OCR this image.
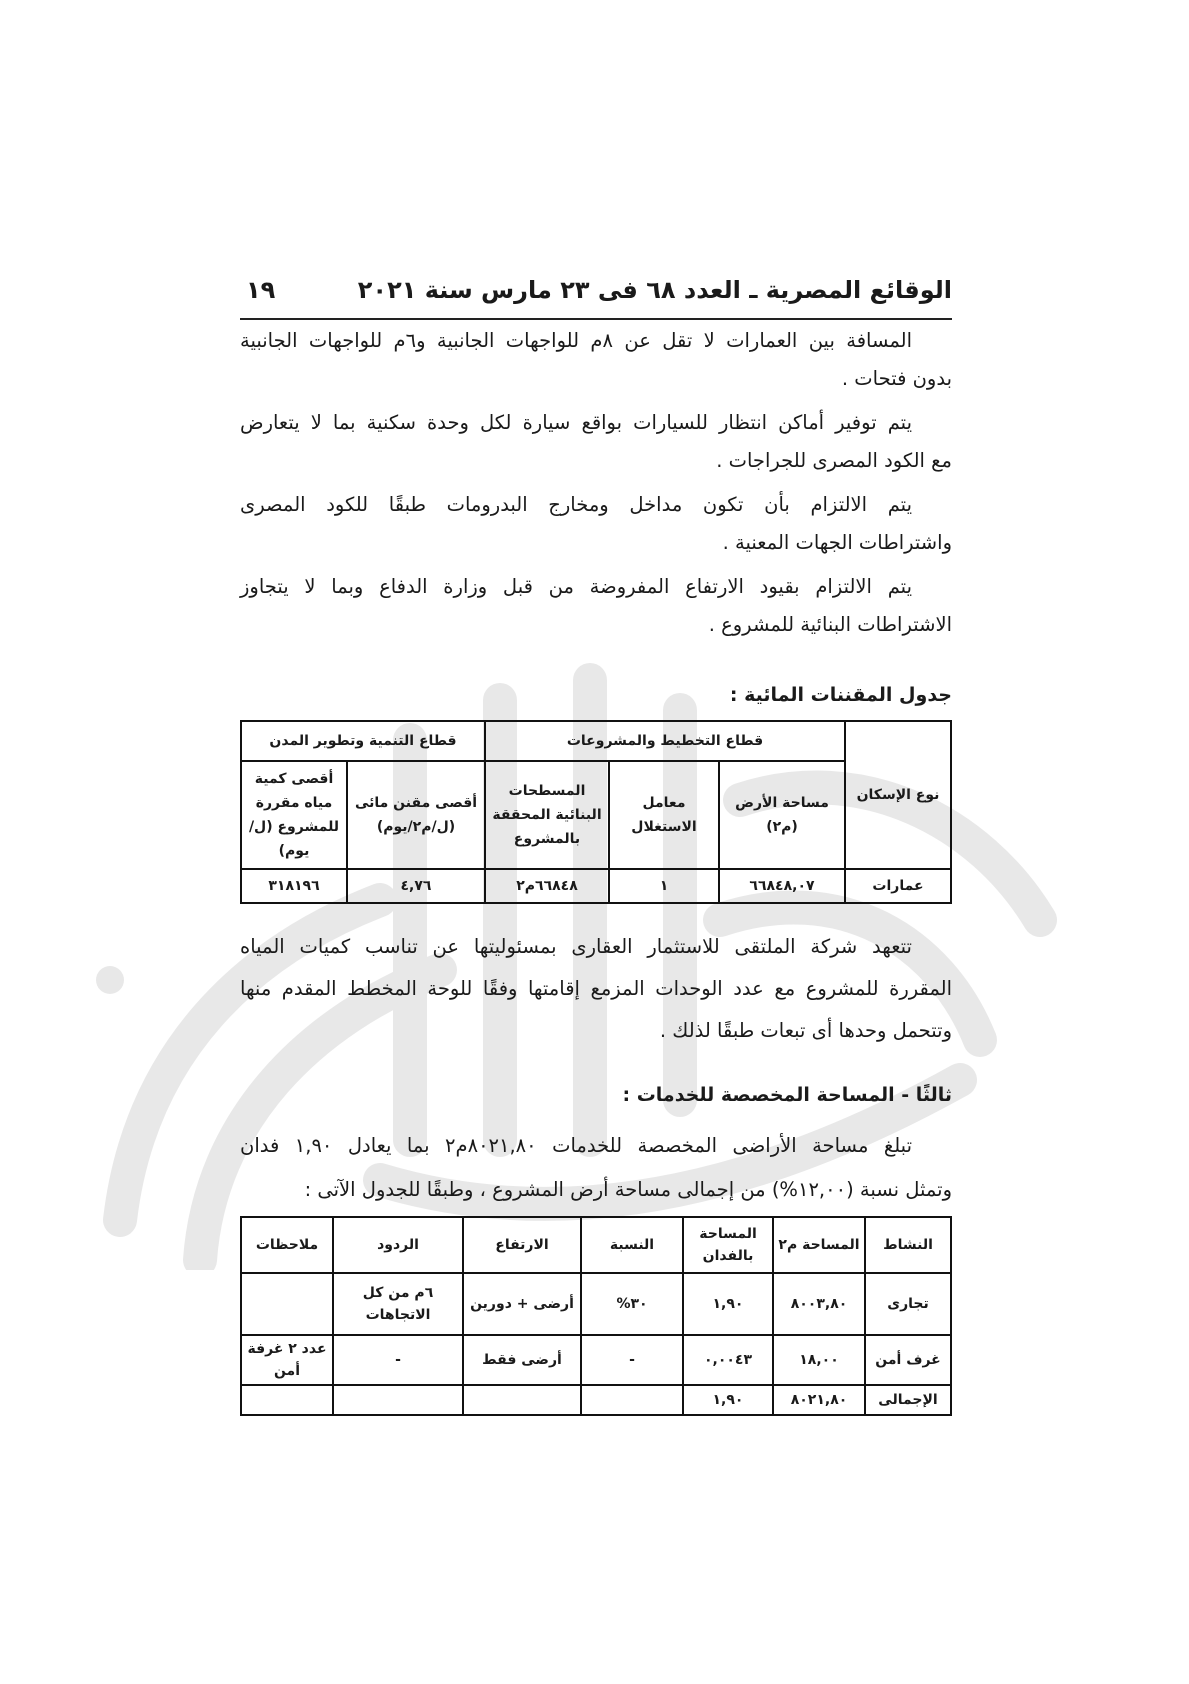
الوقائع المصرية ـ العدد ٦٨ فى ٢٣ مارس سنة ٢٠٢١
١٩

المسافة بين العمارات لا تقل عن ٨م للواجهات الجانبية و٦م للواجهات الجانبية
بدون فتحات .

يتم توفير أماكن انتظار للسيارات بواقع سيارة لكل وحدة سكنية بما لا يتعارض
مع الكود المصرى للجراجات .

يتم الالتزام بأن تكون مداخل ومخارج البدرومات طبقًا للكود المصرى
واشتراطات الجهات المعنية .

يتم الالتزام بقيود الارتفاع المفروضة من قبل وزارة الدفاع وبما لا يتجاوز
الاشتراطات البنائية للمشروع .

جدول المقننات المائية :
نوع الإسكان	قطاع التخطيط والمشروعات			قطاع التنمية وتطوير المدن	
	مساحة الأرض (م٢)	معامل الاستغلال	المسطحات البنائية المحققة بالمشروع	أقصى مقنن مائى (ل/م٢/يوم)	أقصى كمية مياه مقررة للمشروع (ل/يوم)
عمارات	٦٦٨٤٨,٠٧	١	٦٦٨٤٨م٢	٤,٧٦	٣١٨١٩٦

تتعهد شركة الملتقى للاستثمار العقارى بمسئوليتها عن تناسب كميات المياه
المقررة للمشروع مع عدد الوحدات المزمع إقامتها وفقًا للوحة المخطط المقدم منها
وتتحمل وحدها أى تبعات طبقًا لذلك .

ثالثًا - المساحة المخصصة للخدمات :

تبلغ مساحة الأراضى المخصصة للخدمات ٨٠٢١,٨٠م٢ بما يعادل ١,٩٠ فدان
وتمثل نسبة (١٢,٠٠%) من إجمالى مساحة أرض المشروع ، وطبقًا للجدول الآتى :

النشاط	المساحة م٢	المساحة بالفدان	النسبة	الارتفاع	الردود	ملاحظات
تجارى	٨٠٠٣,٨٠	١,٩٠	٣٠%	أرضى + دورين	٦م من كل الاتجاهات	
غرف أمن	١٨,٠٠	٠,٠٠٤٣	-	أرضى فقط	-	عدد ٢ غرفة أمن
الإجمالى	٨٠٢١,٨٠	١,٩٠				
